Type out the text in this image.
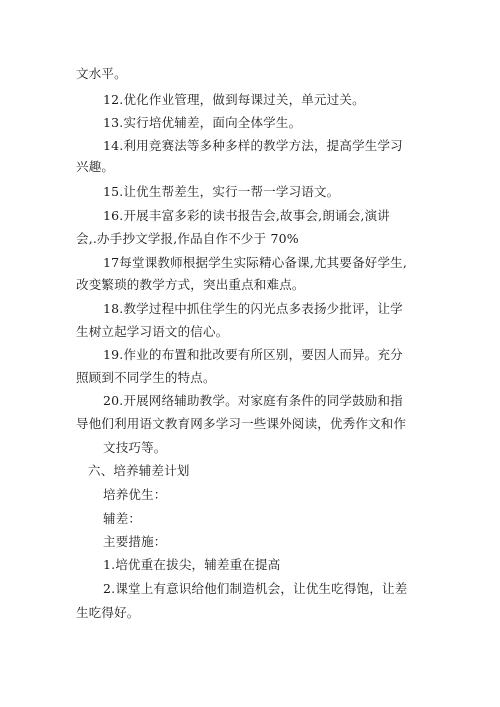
文水平。
12.优化作业管理，做到每课过关，单元过关。
13.实行培优辅差，面向全体学生。
14.利用竞赛法等多种多样的教学方法，提高学生学习
兴趣。
15.让优生帮差生，实行一帮一学习语文。
16.开展丰富多彩的读书报告会,故事会,朗诵会,演讲
会,.办手抄文学报,作品自作不少于 70%
17每堂课教师根据学生实际精心备课,尤其要备好学生,
改变繁琐的教学方式，突出重点和难点。
18.教学过程中抓住学生的闪光点多表扬少批评，让学
生树立起学习语文的信心。
19.作业的布置和批改要有所区别，要因人而异。充分
照顾到不同学生的特点。
20.开展网络辅助教学。对家庭有条件的同学鼓励和指
导他们利用语文教育网多学习一些课外阅读，优秀作文和作
文技巧等。
六、培养辅差计划
培养优生：
辅差：
主要措施：
1.培优重在拔尖，辅差重在提高
2.课堂上有意识给他们制造机会，让优生吃得饱，让差
生吃得好。
